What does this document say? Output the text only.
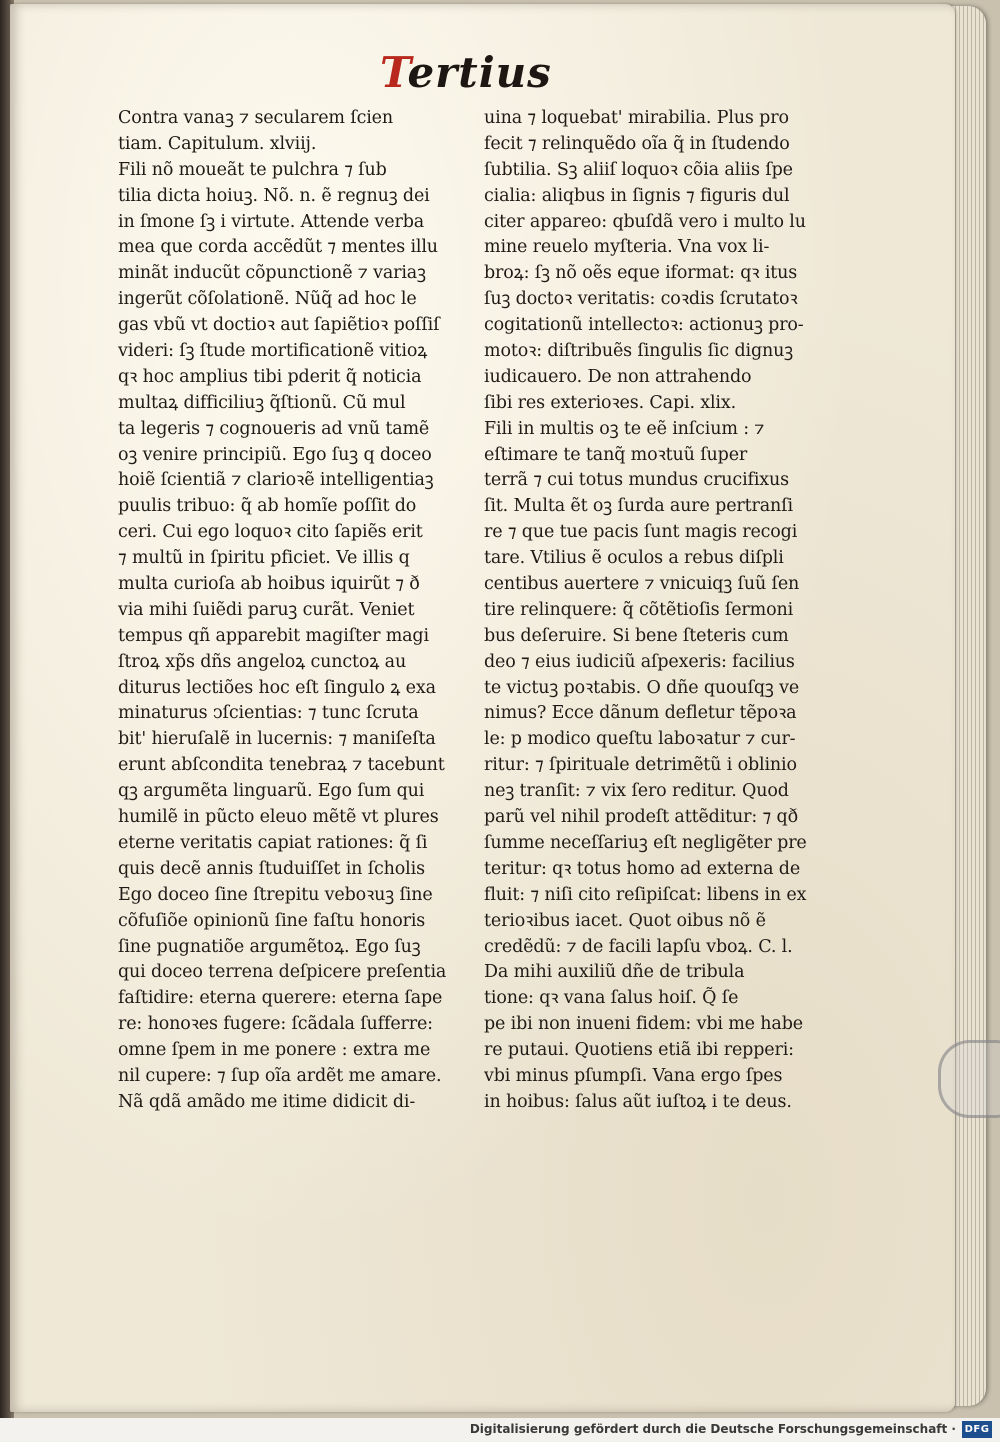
Tertius
Contra vanaꝫ ⁊ secularem ſcien
tiam. Capitulum. xlviij.
Fili nõ moueãt te pulchra ⁊ ſub
tilia dicta hoiuꝫ. Nõ. n. ẽ regnuꝫ dei
in ſmone ſꝫ i virtute. Attende verba
mea que corda accẽdũt ⁊ mentes illu
minãt inducũt cõpunctionẽ ⁊ variaꝫ
ingerũt cõſolationẽ. Nũq̃ ad hoc le
gas vbũ vt doctioꝛ aut ſapiẽtioꝛ poſſiſ
videri: ſꝫ ſtude mortificationẽ vitioꝝ
qꝛ hoc amplius tibi pderit q̃ noticia
multaꝝ difficiliuꝫ q̃ſtionũ. Cũ mul
ta legeris ⁊ cognoueris ad vnũ tamẽ
oꝫ venire principiũ. Ego ſuꝫ q doceo
hoiẽ ſcientiã ⁊ clarioꝛẽ intelligentiaꝫ
puulis tribuo: q̃ ab homĩe poſſit do
ceri. Cui ego loquoꝛ cito ſapiẽs erit
⁊ multũ in ſpiritu pficiet. Ve illis q
multa curioſa ab hoibus iquirũt ⁊ ð
via mihi ſuiẽdi paruꝫ curãt. Veniet
tempus qñ apparebit magiſter magi
ſtroꝝ xp̃s dñs angeloꝝ cunctoꝝ au
diturus lectiões hoc eſt ſingulo ꝝ exa
minaturus ↄſcientias: ⁊ tunc ſcruta
bit' hieruſalẽ in lucernis: ⁊ maniſeſta
erunt abſcondita tenebraꝝ ⁊ tacebunt
qꝫ argumẽta linguarũ. Ego ſum qui
humilẽ in pũcto eleuo mẽtẽ vt plures
eterne veritatis capiat rationes: q̃ ſi
quis decẽ annis ſtuduiſſet in ſcholis
Ego doceo ſine ſtrepitu veboꝛuꝫ ſine
cõfuſiõe opinionũ ſine faſtu honoris
ſine pugnatiõe argumẽtoꝝ. Ego ſuꝫ
qui doceo terrena deſpicere preſentia
faſtidire: eterna querere: eterna ſape
re: honoꝛes fugere: ſcãdala ſufferre:
omne ſpem in me ponere : extra me
nil cupere: ⁊ ſup oĩa ardẽt me amare.
Nã qdã amãdo me itime didicit di-
uina ⁊ loquebat' mirabilia. Plus pro
fecit ⁊ relinquẽdo oĩa q̃ in ſtudendo
ſubtilia. Sꝫ aliiſ loquoꝛ cõia aliis ſpe
cialia: aliqbus in ſignis ⁊ figuris dul
citer appareo: qbuſdã vero i multo lu
mine reuelo myſteria. Vna vox li-
broꝝ: ſꝫ nõ oẽs eque iformat: qꝛ itus
ſuꝫ doctoꝛ veritatis: coꝛdis ſcrutatoꝛ
cogitationũ intellectoꝛ: actionuꝫ pro-
motoꝛ: diſtribuẽs ſingulis ſic dignuꝫ
iudicauero. De non attrahendo
ſibi res exterioꝛes. Capi. xlix.
Fili in multis oꝫ te eẽ inſcium : ⁊
eſtimare te tanq̃ moꝛtuũ ſuper
terrã ⁊ cui totus mundus crucifixus
ſit. Multa ẽt oꝫ ſurda aure pertranſi
re ⁊ que tue pacis ſunt magis recogi
tare. Vtilius ẽ oculos a rebus diſpli
centibus auertere ⁊ vnicuiqꝫ ſuũ ſen
tire relinquere: q̃ cõtẽtioſis ſermoni
bus deſeruire. Si bene ſteteris cum
deo ⁊ eius iudiciũ aſpexeris: facilius
te victuꝫ poꝛtabis. O dñe quouſqꝫ ve
nimus? Ecce dãnum defletur tẽpoꝛa
le: p modico queſtu laboꝛatur ⁊ cur-
ritur: ⁊ ſpirituale detrimẽtũ i oblinio
neꝫ tranſit: ⁊ vix ſero reditur. Quod
parũ vel nihil prodeſt attẽditur: ⁊ qð
ſumme neceſſariuꝫ eſt negligẽter pre
teritur: qꝛ totus homo ad externa de
fluit: ⁊ niſi cito reſipiſcat: libens in ex
terioꝛibus iacet. Quot oibus nõ ẽ
credẽdũ: ⁊ de facili lapſu vboꝝ. C. l.
Da mihi auxiliũ dñe de tribula
tione: qꝛ vana ſalus hoiſ. Q̃ ſe
pe ibi non inueni fidem: vbi me habe
re putaui. Quotiens etiã ibi repperi:
vbi minus pſumpſi. Vana ergo ſpes
in hoibus: ſalus aũt iuſtoꝝ i te deus.
Digitalisierung gefördert durch die Deutsche Forschungsgemeinschaft · DFG
